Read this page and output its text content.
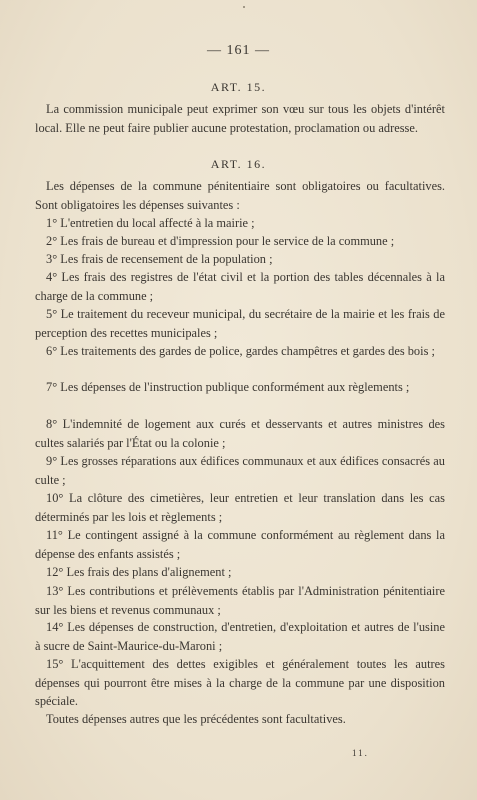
— 161 —
ART. 15.

La commission municipale peut exprimer son vœu sur tous les objets d'intérêt local. Elle ne peut faire publier aucune protestation, proclamation ou adresse.

ART. 16.

Les dépenses de la commune pénitentiaire sont obligatoires ou facultatives. Sont obligatoires les dépenses suivantes :

1° L'entretien du local affecté à la mairie ;

2° Les frais de bureau et d'impression pour le service de la commune ;

3° Les frais de recensement de la population ;

4° Les frais des registres de l'état civil et la portion des tables décennales à la charge de la commune ;

5° Le traitement du receveur municipal, du secrétaire de la mairie et les frais de perception des recettes municipales ;

6° Les traitements des gardes de police, gardes champêtres et gardes des bois ;

7° Les dépenses de l'instruction publique conformément aux règlements ;

8° L'indemnité de logement aux curés et desservants et autres ministres des cultes salariés par l'État ou la colonie ;

9° Les grosses réparations aux édifices communaux et aux édifices consacrés au culte ;

10° La clôture des cimetières, leur entretien et leur translation dans les cas déterminés par les lois et règlements ;

11° Le contingent assigné à la commune conformément au règlement dans la dépense des enfants assistés ;

12° Les frais des plans d'alignement ;

13° Les contributions et prélèvements établis par l'Administration pénitentiaire sur les biens et revenus communaux ;

14° Les dépenses de construction, d'entretien, d'exploitation et autres de l'usine à sucre de Saint-Maurice-du-Maroni ;

15° L'acquittement des dettes exigibles et généralement toutes les autres dépenses qui pourront être mises à la charge de la commune par une disposition spéciale.

Toutes dépenses autres que les précédentes sont facultatives.

11.
